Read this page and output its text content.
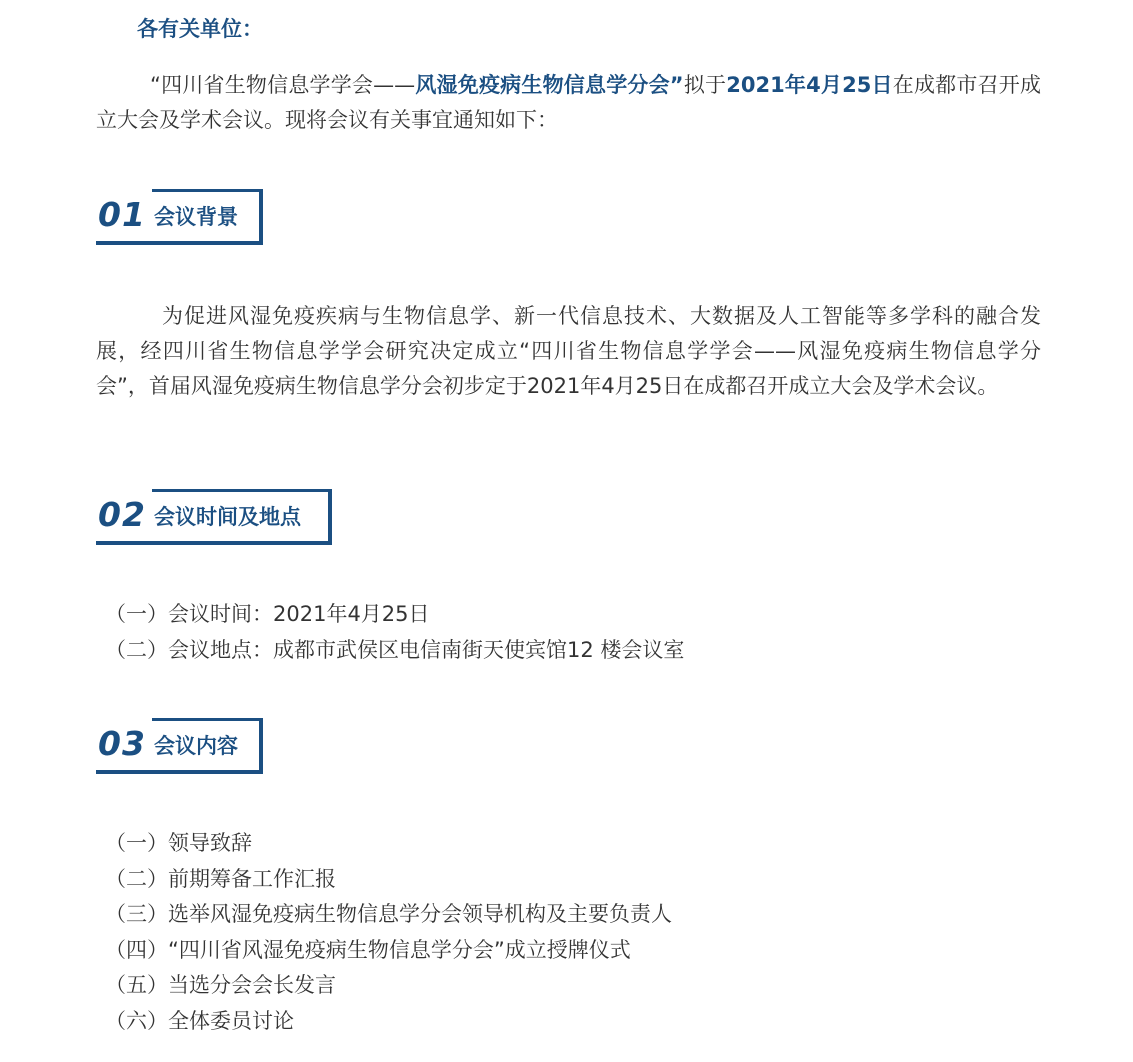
各有关单位：

“四川省生物信息学学会——风湿免疫病生物信息学分会”拟于2021年4月25日在成都市召开成立大会及学术会议。现将会议有关事宜通知如下：

01 会议背景

为促进风湿免疫疾病与生物信息学、新一代信息技术、大数据及人工智能等多学科的融合发展，经四川省生物信息学学会研究决定成立“四川省生物信息学学会——风湿免疫病生物信息学分会”，首届风湿免疫病生物信息学分会初步定于2021年4月25日在成都召开成立大会及学术会议。

02 会议时间及地点
（一）会议时间：2021年4月25日
（二）会议地点：成都市武侯区电信南街天使宾馆12 楼会议室
03 会议内容
（一）领导致辞
（二）前期筹备工作汇报
（三）选举风湿免疫病生物信息学分会领导机构及主要负责人
（四）“四川省风湿免疫病生物信息学分会”成立授牌仪式
（五）当选分会会长发言
（六）全体委员讨论
